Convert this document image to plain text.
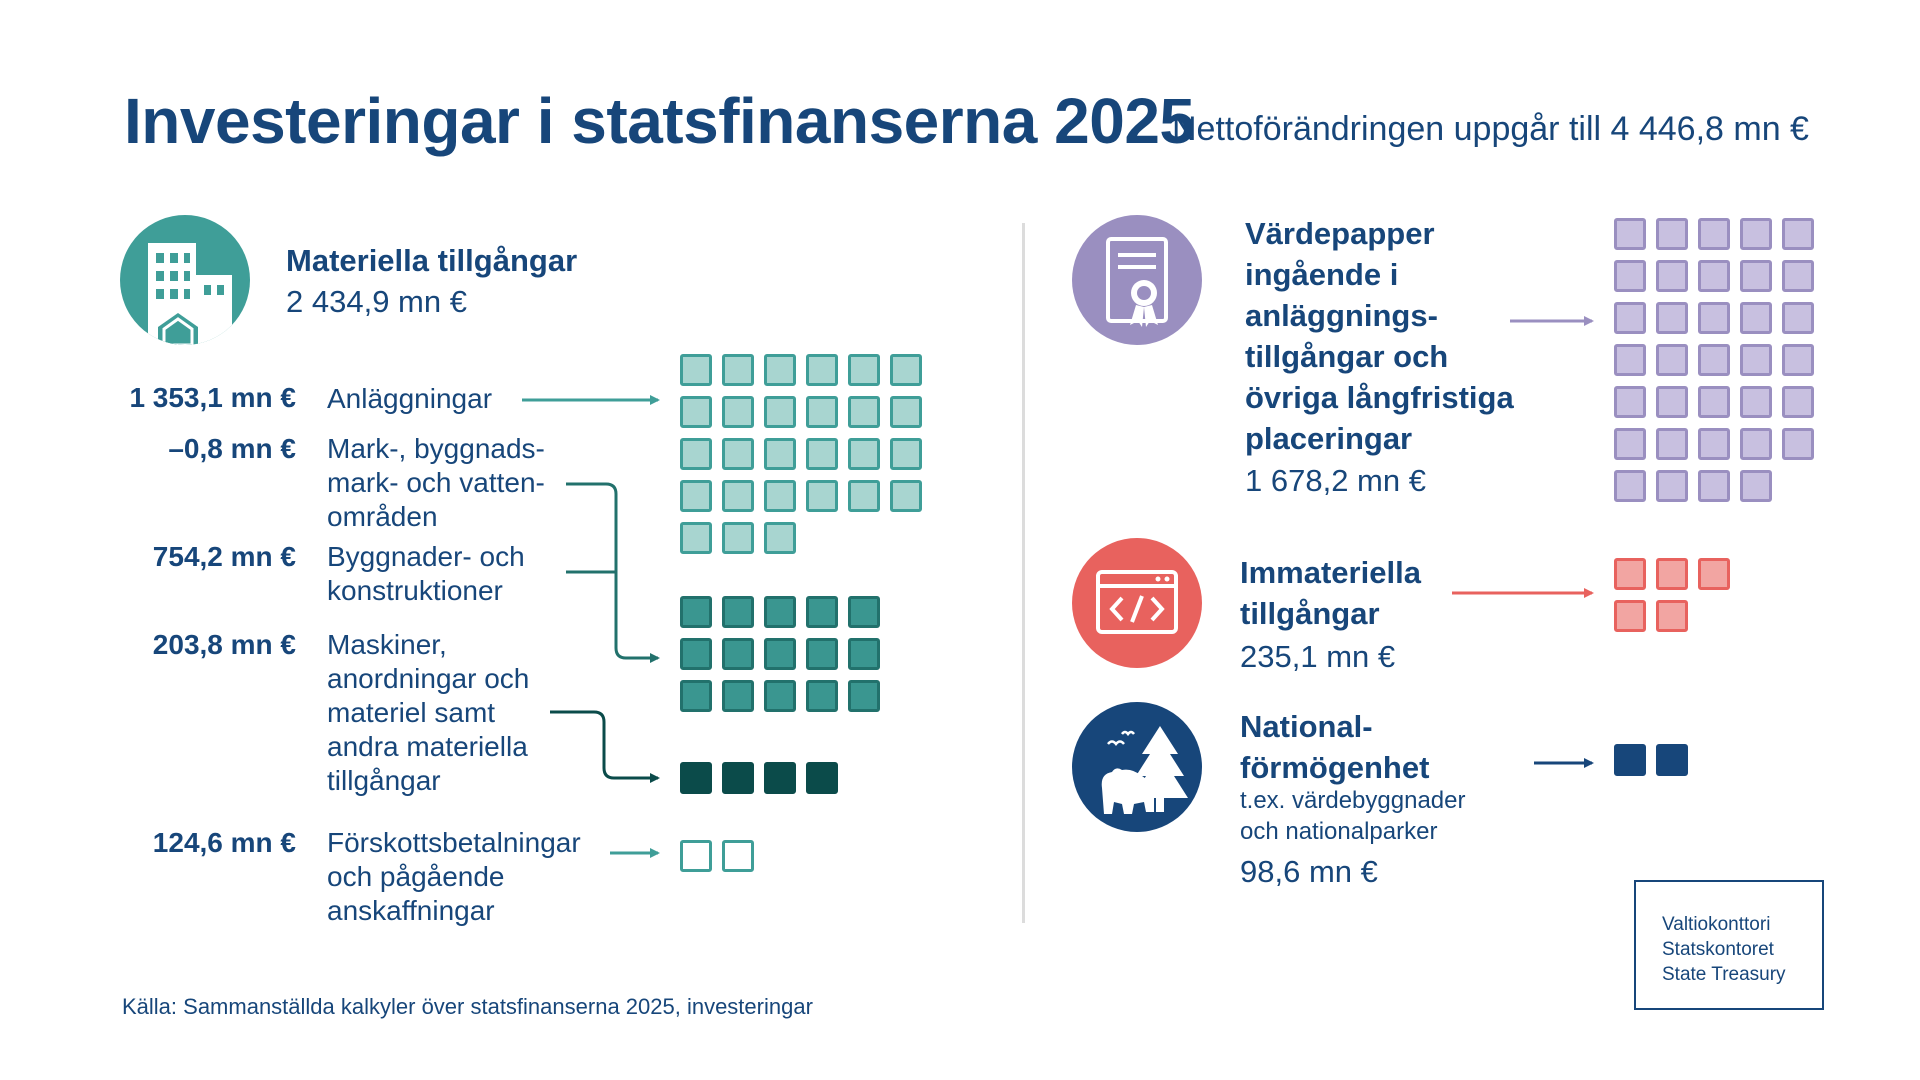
Investeringar i statsfinanserna 2025
Nettoförändringen uppgår till 4 446,8 mn €
Materiella tillgångar
2 434,9 mn €
1 353,1 mn €
–0,8 mn €
754,2 mn €
203,8 mn €
124,6 mn €
Anläggningar
Mark-, byggnads-
mark- och vatten-
områden
Byggnader- och
konstruktioner
Maskiner,
anordningar och
materiel samt
andra materiella
tillgångar
Förskottsbetalningar
och pågående
anskaffningar
Värdepapper
ingående i
anläggnings-
tillgångar och
övriga långfristiga
placeringar
1 678,2 mn €
Immateriella
tillgångar
235,1 mn €
National-
förmögenhet
t.ex. värdebyggnader
och nationalparker
98,6 mn €
Källa: Sammanställda kalkyler över statsfinanserna 2025, investeringar
Valtiokonttori
Statskontoret
State Treasury
